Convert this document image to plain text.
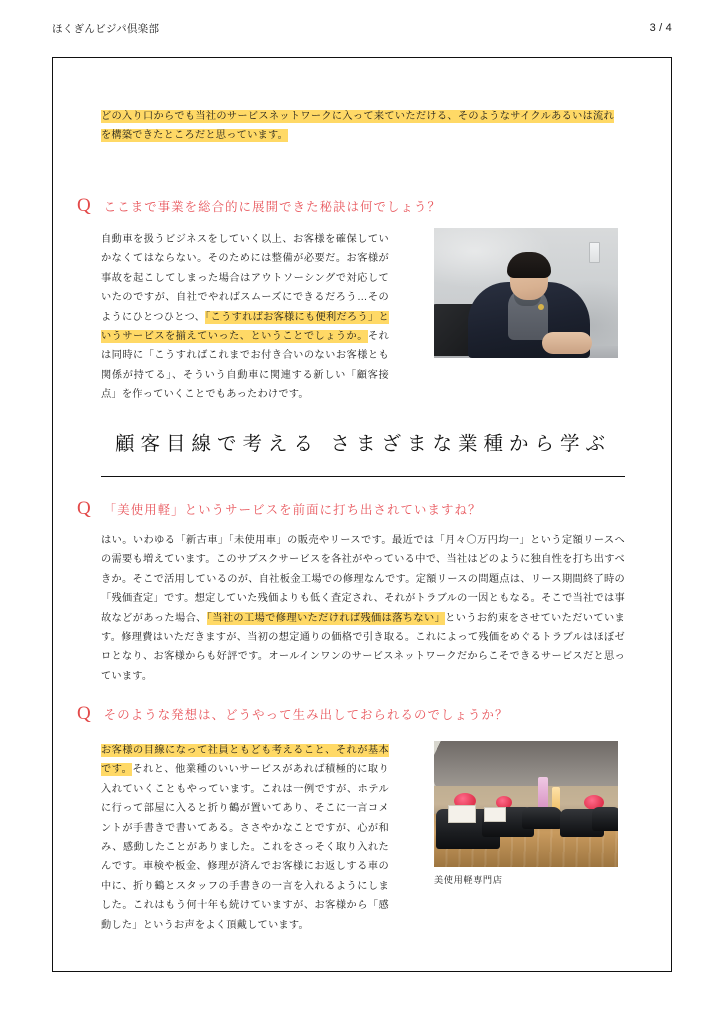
ほくぎんビジパ倶楽部	3 / 4
どの入り口からでも当社のサービスネットワークに入って来ていただける、そのようなサイクルあるいは流れを構築できたところだと思っています。
Q ここまで事業を総合的に展開できた秘訣は何でしょう？
自動車を扱うビジネスをしていく以上、お客様を確保していかなくてはならない。そのためには整備が必要だ。お客様が事故を起こしてしまった場合はアウトソーシングで対応していたのですが、自社でやればスムーズにできるだろう…そのようにひとつひとつ、「こうすればお客様にも便利だろう」というサービスを揃えていった、ということでしょうか。それは同時に「こうすればこれまでお付き合いのないお客様とも関係が持てる」、そういう自動車に関連する新しい「顧客接点」を作っていくことでもあったわけです。
顧客目線で考える さまざまな業種から学ぶ
Q 「美使用軽」というサービスを前面に打ち出されていますね？
はい。いわゆる「新古車」「未使用車」の販売やリースです。最近では「月々〇万円均一」という定額リースへの需要も増えています。このサブスクサービスを各社がやっている中で、当社はどのように独自性を打ち出すべきか。そこで活用しているのが、自社板金工場での修理なんです。定額リースの問題点は、リース期間終了時の「残価査定」です。想定していた残価よりも低く査定され、それがトラブルの一因ともなる。そこで当社では事故などがあった場合、「当社の工場で修理いただければ残価は落ちない」というお約束をさせていただいています。修理費はいただきますが、当初の想定通りの価格で引き取る。これによって残価をめぐるトラブルはほぼゼロとなり、お客様からも好評です。オールインワンのサービスネットワークだからこそできるサービスだと思っています。
Q そのような発想は、どうやって生み出しておられるのでしょうか？
お客様の目線になって社員ともども考えること、それが基本です。それと、他業種のいいサービスがあれば積極的に取り入れていくこともやっています。これは一例ですが、ホテルに行って部屋に入ると折り鶴が置いてあり、そこに一言コメントが手書きで書いてある。ささやかなことですが、心が和み、感動したことがありました。これをさっそく取り入れたんです。車検や板金、修理が済んでお客様にお返しする車の中に、折り鶴とスタッフの手書きの一言を入れるようにしました。これはもう何十年も続けていますが、お客様から「感動した」というお声をよく頂戴しています。
美使用軽専門店
